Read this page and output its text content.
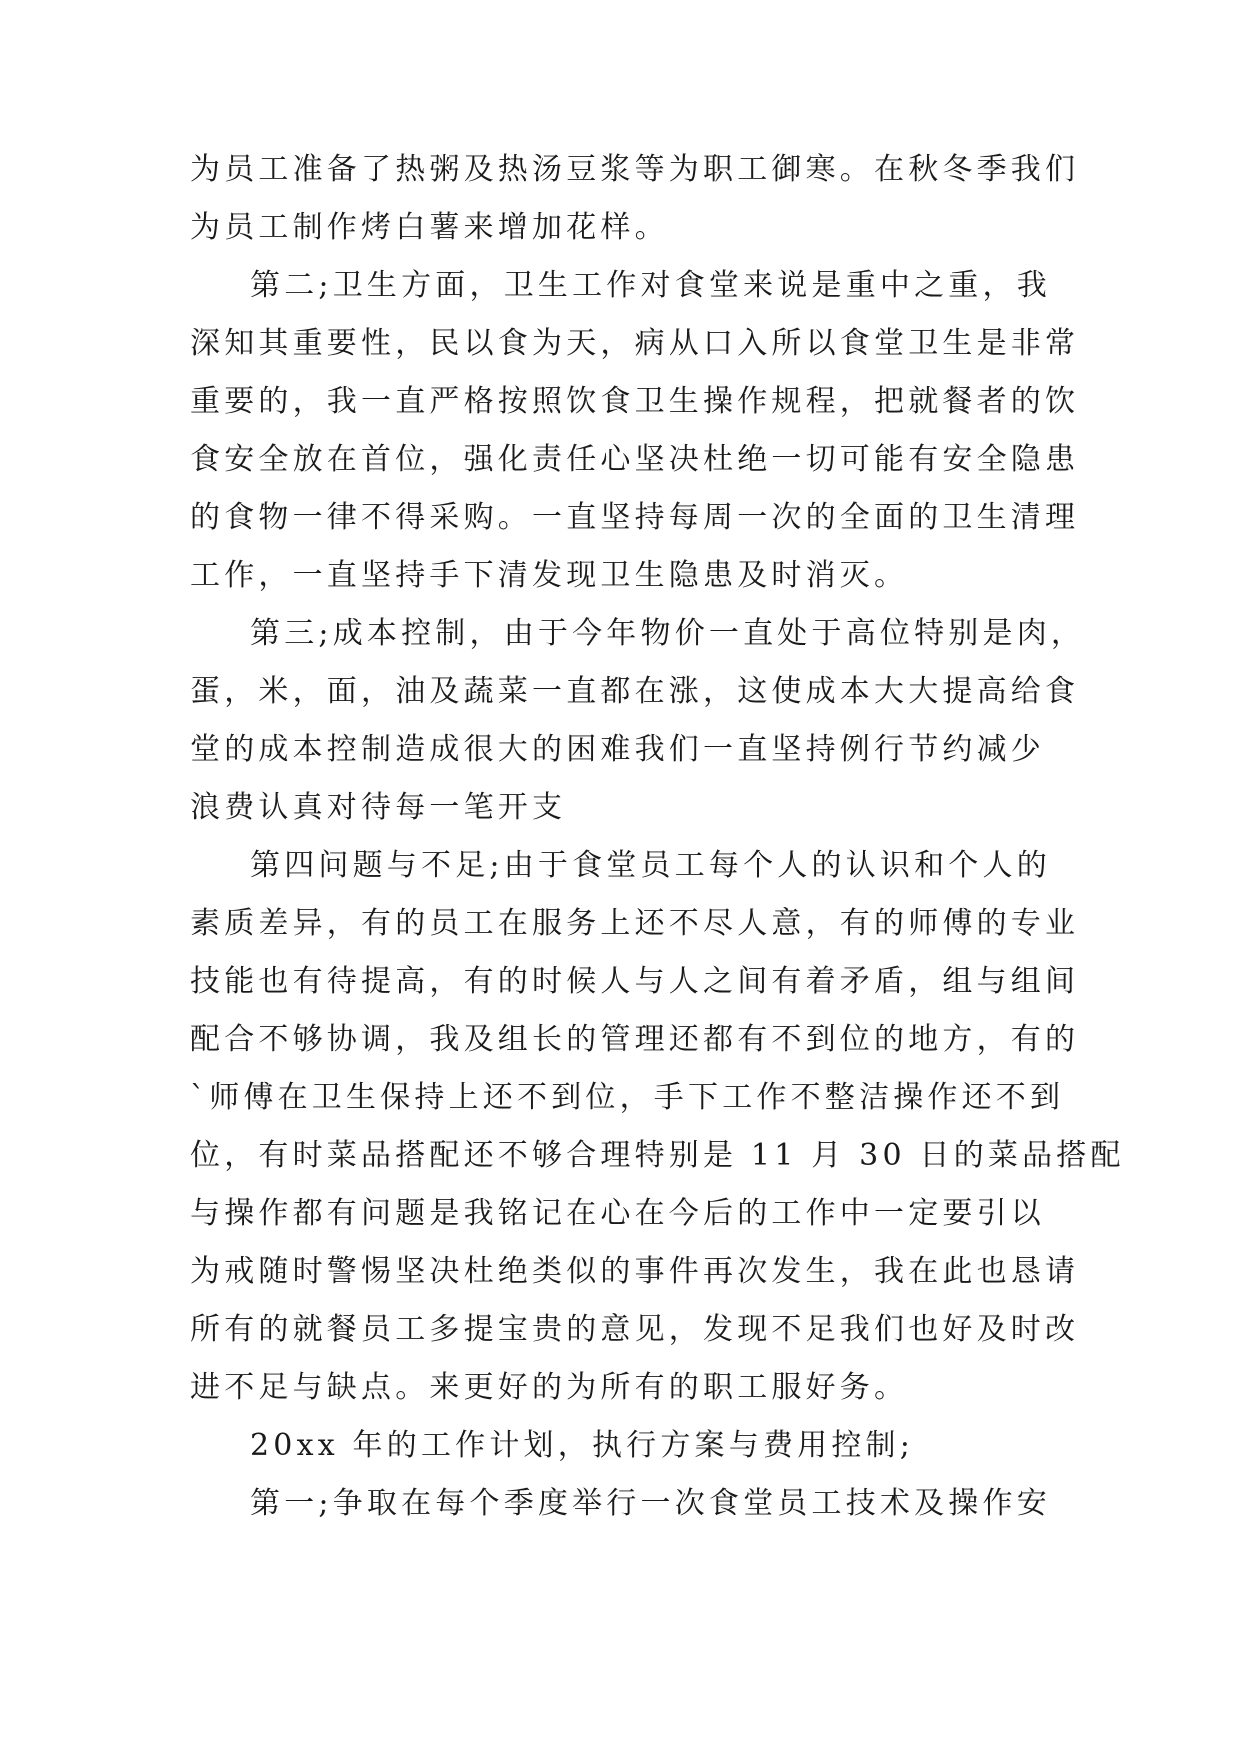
为员工准备了热粥及热汤豆浆等为职工御寒。在秋冬季我们
为员工制作烤白薯来增加花样。
第二;卫生方面，卫生工作对食堂来说是重中之重，我
深知其重要性，民以食为天，病从口入所以食堂卫生是非常
重要的，我一直严格按照饮食卫生操作规程，把就餐者的饮
食安全放在首位，强化责任心坚决杜绝一切可能有安全隐患
的食物一律不得采购。一直坚持每周一次的全面的卫生清理
工作，一直坚持手下清发现卫生隐患及时消灭。
第三;成本控制，由于今年物价一直处于高位特别是肉，
蛋，米，面，油及蔬菜一直都在涨，这使成本大大提高给食
堂的成本控制造成很大的困难我们一直坚持例行节约减少
浪费认真对待每一笔开支
第四问题与不足;由于食堂员工每个人的认识和个人的
素质差异，有的员工在服务上还不尽人意，有的师傅的专业
技能也有待提高，有的时候人与人之间有着矛盾，组与组间
配合不够协调，我及组长的管理还都有不到位的地方，有的
`师傅在卫生保持上还不到位，手下工作不整洁操作还不到
位，有时菜品搭配还不够合理特别是 11 月 30 日的菜品搭配
与操作都有问题是我铭记在心在今后的工作中一定要引以
为戒随时警惕坚决杜绝类似的事件再次发生，我在此也恳请
所有的就餐员工多提宝贵的意见，发现不足我们也好及时改
进不足与缺点。来更好的为所有的职工服好务。
20xx 年的工作计划，执行方案与费用控制;
第一;争取在每个季度举行一次食堂员工技术及操作安
